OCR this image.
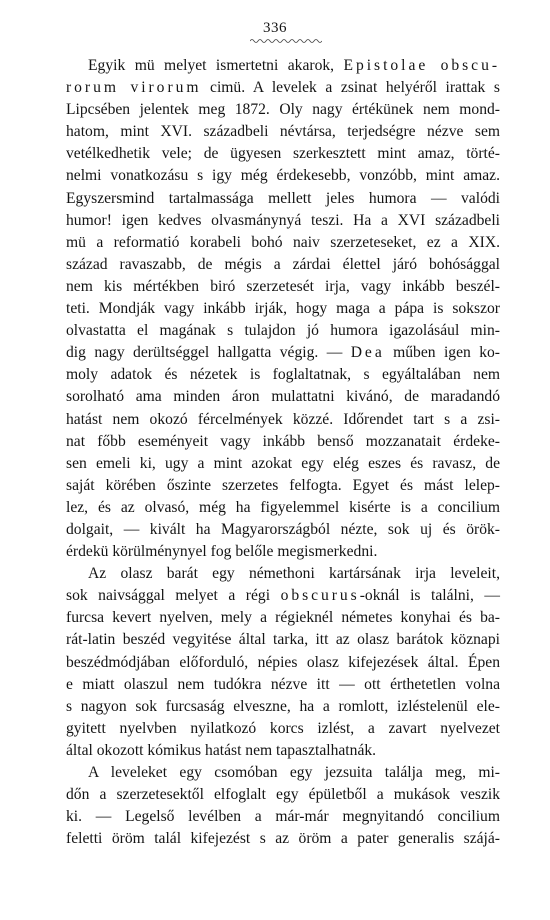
336
Egyik mü melyet ismertetni akarok, Epistolae obscu-
rorum virorum cimü. A levelek a zsinat helyéről irattak s
Lipcsében jelentek meg 1872. Oly nagy értékünek nem mond-
hatom, mint XVI. századbeli névtársa, terjedségre nézve sem
vetélkedhetik vele; de ügyesen szerkesztett mint amaz, törté-
nelmi vonatkozásu s igy még érdekesebb, vonzóbb, mint amaz.
Egyszersmind tartalmassága mellett jeles humora — valódi
humor! igen kedves olvasmánynyá teszi. Ha a XVI századbeli
mü a reformatió korabeli bohó naiv szerzeteseket, ez a XIX.
század ravaszabb, de mégis a zárdai élettel járó bohósággal
nem kis mértékben biró szerzetesét irja, vagy inkább beszél-
teti. Mondják vagy inkább irják, hogy maga a pápa is sokszor
olvastatta el magának s tulajdon jó humora igazolásául min-
dig nagy derültséggel hallgatta végig. — Dea műben igen ko-
moly adatok és nézetek is foglaltatnak, s egyáltalában nem
sorolható ama minden áron mulattatni kivánó, de maradandó
hatást nem okozó fércelmények közzé. Időrendet tart s a zsi-
nat főbb eseményeit vagy inkább benső mozzanatait érdeke-
sen emeli ki, ugy a mint azokat egy elég eszes és ravasz, de
saját körében őszinte szerzetes felfogta. Egyet és mást lelep-
lez, és az olvasó, még ha figyelemmel kisérte is a concilium
dolgait, — kivált ha Magyarországból nézte, sok uj és örök-
érdekü körülménynyel fog belőle megismerkedni.
Az olasz barát egy némethoni kartársának irja leveleit,
sok naivsággal melyet a régi obscurus-oknál is találni, —
furcsa kevert nyelven, mely a régieknél németes konyhai és ba-
rát-latin beszéd vegyitése által tarka, itt az olasz barátok köznapi
beszédmódjában előforduló, népies olasz kifejezések által. Épen
e miatt olaszul nem tudókra nézve itt — ott érthetetlen volna
s nagyon sok furcsaság elveszne, ha a romlott, izléstelenül ele-
gyitett nyelvben nyilatkozó korcs izlést, a zavart nyelvezet
által okozott kómikus hatást nem tapasztalhatnák.
A leveleket egy csomóban egy jezsuita találja meg, mi-
dőn a szerzetesektől elfoglalt egy épületből a mukások veszik
ki. — Legelső levélben a már-már megnyitandó concilium
feletti öröm talál kifejezést s az öröm a pater generalis szájá-
